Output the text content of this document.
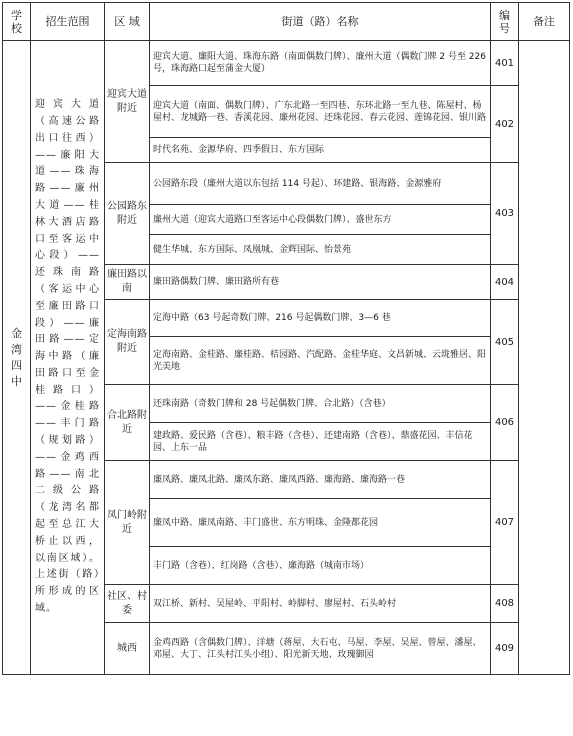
学校	招生范围	区 域	街道（路）名称	编号	备注

金湾四中	迎宾大道（高速公路出口往西）——廉阳大道——珠海路——廉州大道——桂林大酒店路口至客运中心段）——还珠南路（客运中心至廉田路口段）——廉田路——定海中路（廉田路口至金桂路口）——金桂路——丰门路（规划路）——金鸡西路——南北二级公路（龙湾名都起至总江大桥止以西，以南区域）。上述街（路）所形成的区域。	迎宾大道附近	迎宾大道、廉阳大道、珠海东路（南面偶数门牌）、廉州大道（偶数门牌 2 号至 226 号，珠海路口起至蒲金大厦）	401	
			迎宾大道（南面、偶数门牌）、广东北路一至四巷、东环北路一至九巷、陈屋村、杨屋村、龙城路一巷、香溪花园、廉州花园、还珠花园、春云花园、莲锦花园、银川路	402	
			时代名苑、金源华府、四季假日、东方国际		
		公园路东附近	公园路东段（廉州大道以东包括 114 号起）、环建路、银海路、金源雅府	403	
			廉州大道（迎宾大道路口至客运中心段偶数门牌）、盛世东方		
			健生华城、东方国际、凤凰城、金辉国际、怡景苑		
		廉田路以南	廉田路偶数门牌、廉田路所有巷	404	
		定海南路附近	定海中路（63 号起奇数门牌、216 号起偶数门牌、3—6 巷	405	
			定海南路、金桂路、廉桂路、桔园路、汽配路、金桂华庭、文昌新城、云珑雅居、阳光美地		
		合北路附近	还珠南路（奇数门牌和 28 号起偶数门牌、合北路）（含巷）	406	
			建政路、爱民路（含巷）、粮丰路（含巷）、还建南路（含巷）、鼎盛花园、丰信花园、上东一品		
		凤门岭附近	廉凤路、廉凤北路、廉凤东路、廉凤西路、廉海路、廉海路一巷	407	
			廉凤中路、廉凤南路、丰门盛世、东方明珠、金隆都花园		
			丰门路（含巷）、红岗路（含巷）、廉海路（城南市场）		
		社区、村委	双江桥、新村、吴屋岭、平阳村、岭脚村、廖屋村、石头岭村	408	
		城西	金鸡西路（含偶数门牌）、洋塘（蒋屋、大石屯、马屋、李屋、吴屋、曾屋、潘屋、邓屋、大丁、江头村江头小组）、阳光新天地、玫瑰御园	409	
